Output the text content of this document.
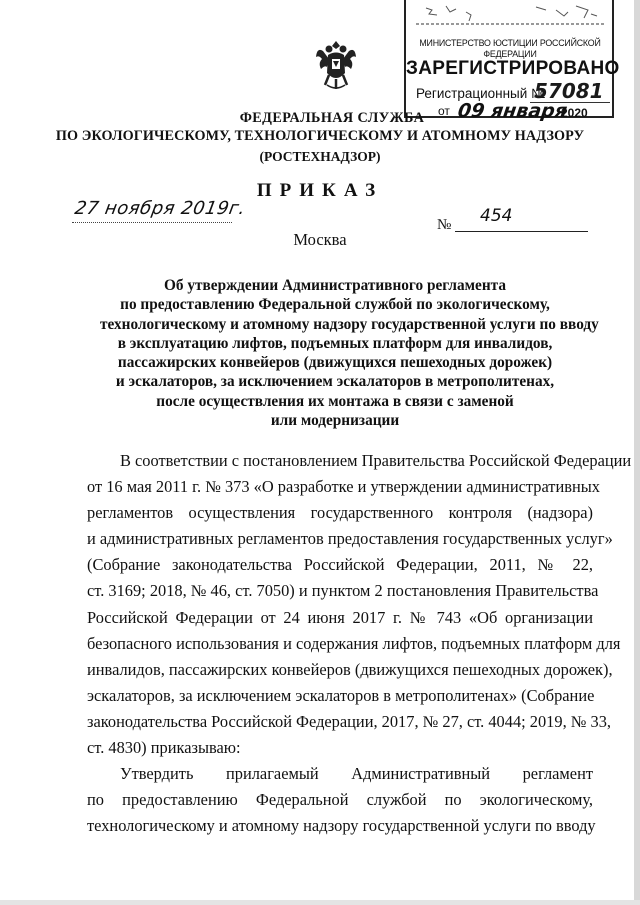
МИНИСТЕРСТВО ЮСТИЦИИ РОССИЙСКОЙ ФЕДЕРАЦИИ
ЗАРЕГИСТРИРОВАНО
Регистрационный №
57081
от 09 января
2020
ФЕДЕРАЛЬНАЯ СЛУЖБА
ПО ЭКОЛОГИЧЕСКОМУ, ТЕХНОЛОГИЧЕСКОМУ И АТОМНОМУ НАДЗОРУ
(РОСТЕХНАДЗОР)
ПРИКАЗ
27 ноября 2019г.
№ 454
Москва
Об утверждении Административного регламента
по предоставлению Федеральной службой по экологическому,
технологическому и атомному надзору государственной услуги по вводу
в эксплуатацию лифтов, подъемных платформ для инвалидов,
пассажирских конвейеров (движущихся пешеходных дорожек)
и эскалаторов, за исключением эскалаторов в метрополитенах,
после осуществления их монтажа в связи с заменой
или модернизации
В соответствии с постановлением Правительства Российской Федерации
от 16 мая 2011 г. № 373 «О разработке и утверждении административных
регламентов осуществления государственного контроля (надзора)
и административных регламентов предоставления государственных услуг»
(Собрание законодательства Российской Федерации, 2011, № 22,
ст. 3169; 2018, № 46, ст. 7050) и пунктом 2 постановления Правительства
Российской Федерации от 24 июня 2017 г. № 743 «Об организации
безопасного использования и содержания лифтов, подъемных платформ для
инвалидов, пассажирских конвейеров (движущихся пешеходных дорожек),
эскалаторов, за исключением эскалаторов в метрополитенах» (Собрание
законодательства Российской Федерации, 2017, № 27, ст. 4044; 2019, № 33,
ст. 4830) приказываю:
Утвердить прилагаемый Административный регламент
по предоставлению Федеральной службой по экологическому,
технологическому и атомному надзору государственной услуги по вводу
